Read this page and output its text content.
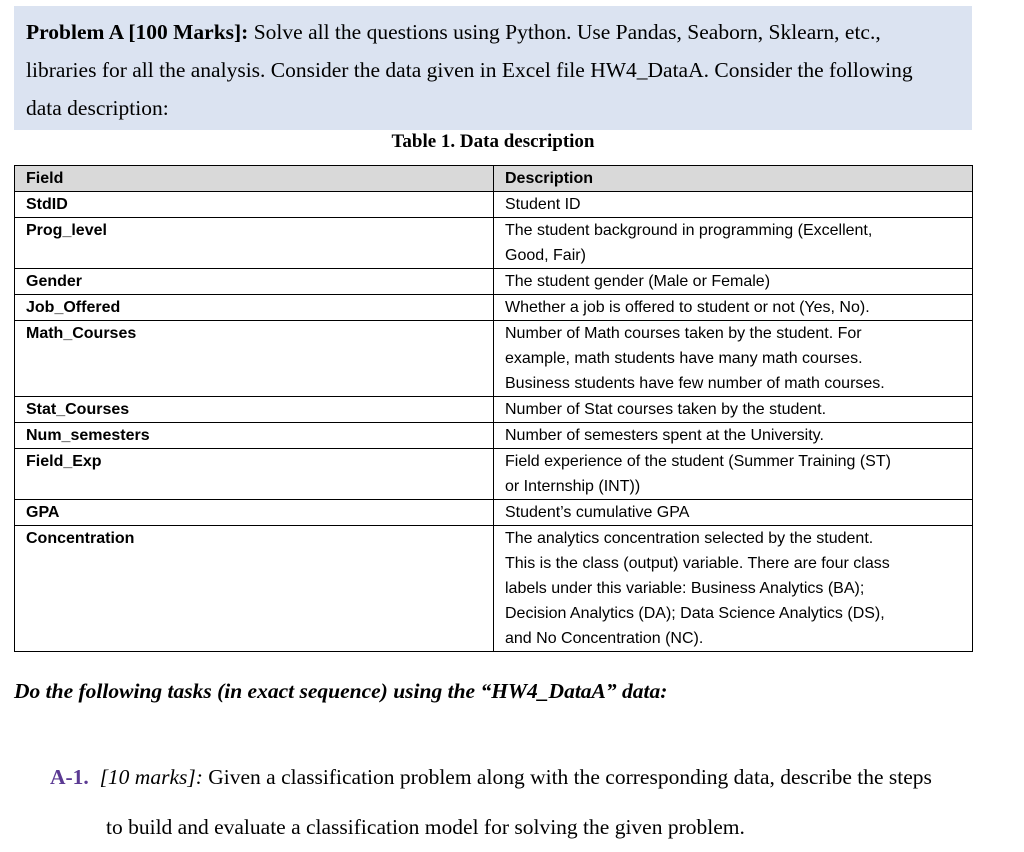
Problem A [100 Marks]: Solve all the questions using Python. Use Pandas, Seaborn, Sklearn, etc.,
libraries for all the analysis. Consider the data given in Excel file HW4_DataA. Consider the following
data description:
Table 1. Data description
Field	Description
StdID	Student ID

Prog_level	The student background in programming (Excellent,
Good, Fair)

Gender	The student gender (Male or Female)

Job_Offered	Whether a job is offered to student or not (Yes, No).

Math_Courses	Number of Math courses taken by the student. For
example, math students have many math courses.
Business students have few number of math courses.

Stat_Courses	Number of Stat courses taken by the student.

Num_semesters	Number of semesters spent at the University.

Field_Exp	Field experience of the student (Summer Training (ST)
or Internship (INT))

GPA	Student’s cumulative GPA

Concentration	The analytics concentration selected by the student.
This is the class (output) variable. There are four class
labels under this variable: Business Analytics (BA);
Decision Analytics (DA); Data Science Analytics (DS),
and No Concentration (NC).
Do the following tasks (in exact sequence) using the “HW4_DataA” data:
A-1. [10 marks]: Given a classification problem along with the corresponding data, describe the steps
to build and evaluate a classification model for solving the given problem.
